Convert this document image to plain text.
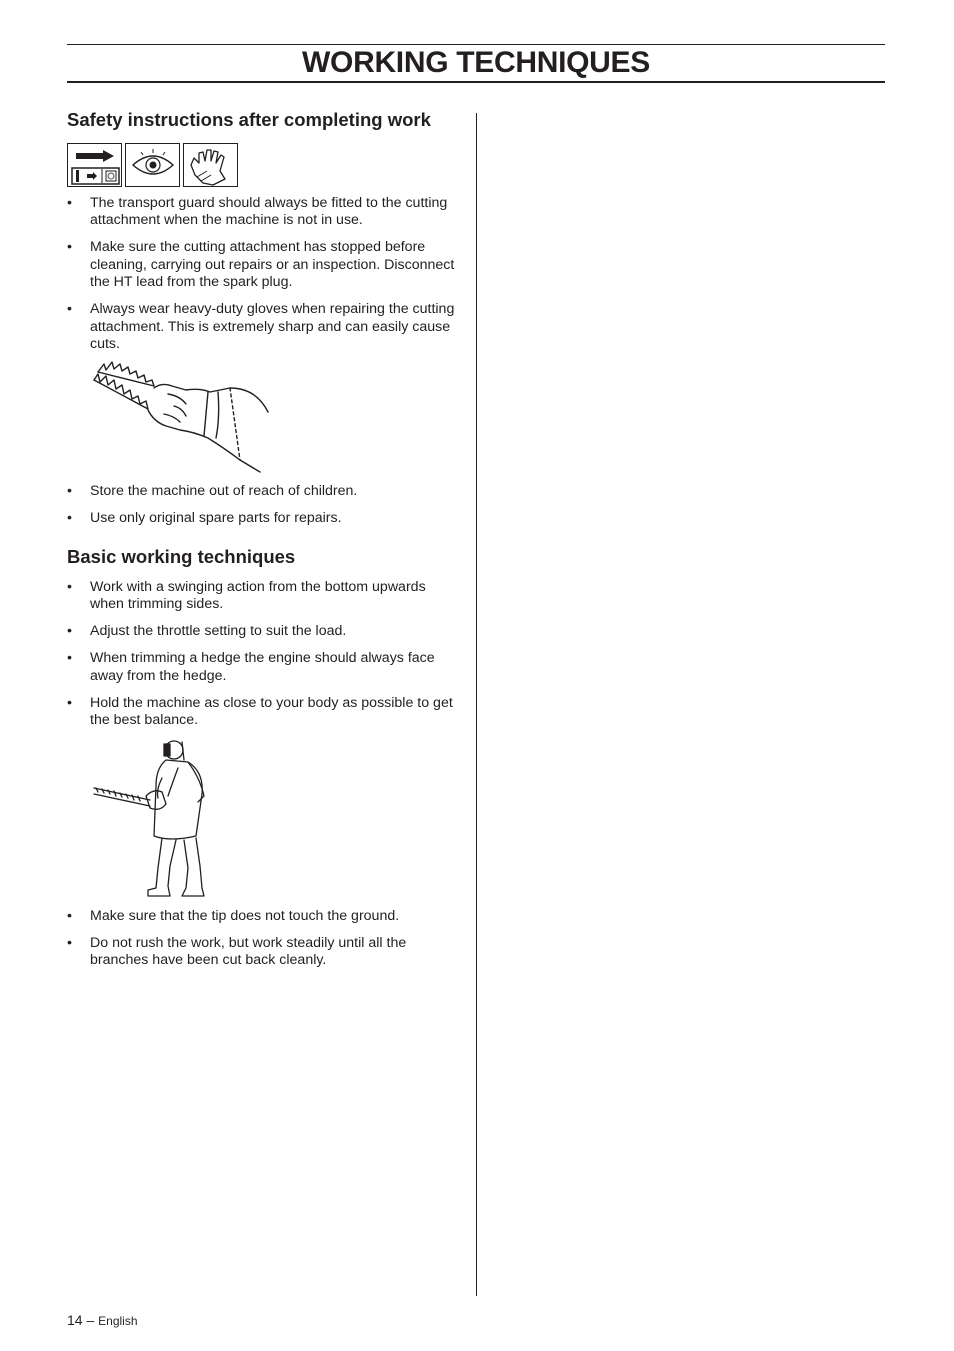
WORKING TECHNIQUES
Safety instructions after completing work
• The transport guard should always be fitted to the cutting attachment when the machine is not in use.
• Make sure the cutting attachment has stopped before cleaning, carrying out repairs or an inspection. Disconnect the HT lead from the spark plug.
• Always wear heavy-duty gloves when repairing the cutting attachment. This is extremely sharp and can easily cause cuts.
• Store the machine out of reach of children.
• Use only original spare parts for repairs.
Basic working techniques
• Work with a swinging action from the bottom upwards when trimming sides.
• Adjust the throttle setting to suit the load.
• When trimming a hedge the engine should always face away from the hedge.
• Hold the machine as close to your body as possible to get the best balance.
• Make sure that the tip does not touch the ground.
• Do not rush the work, but work steadily until all the branches have been cut back cleanly.
14 – English
